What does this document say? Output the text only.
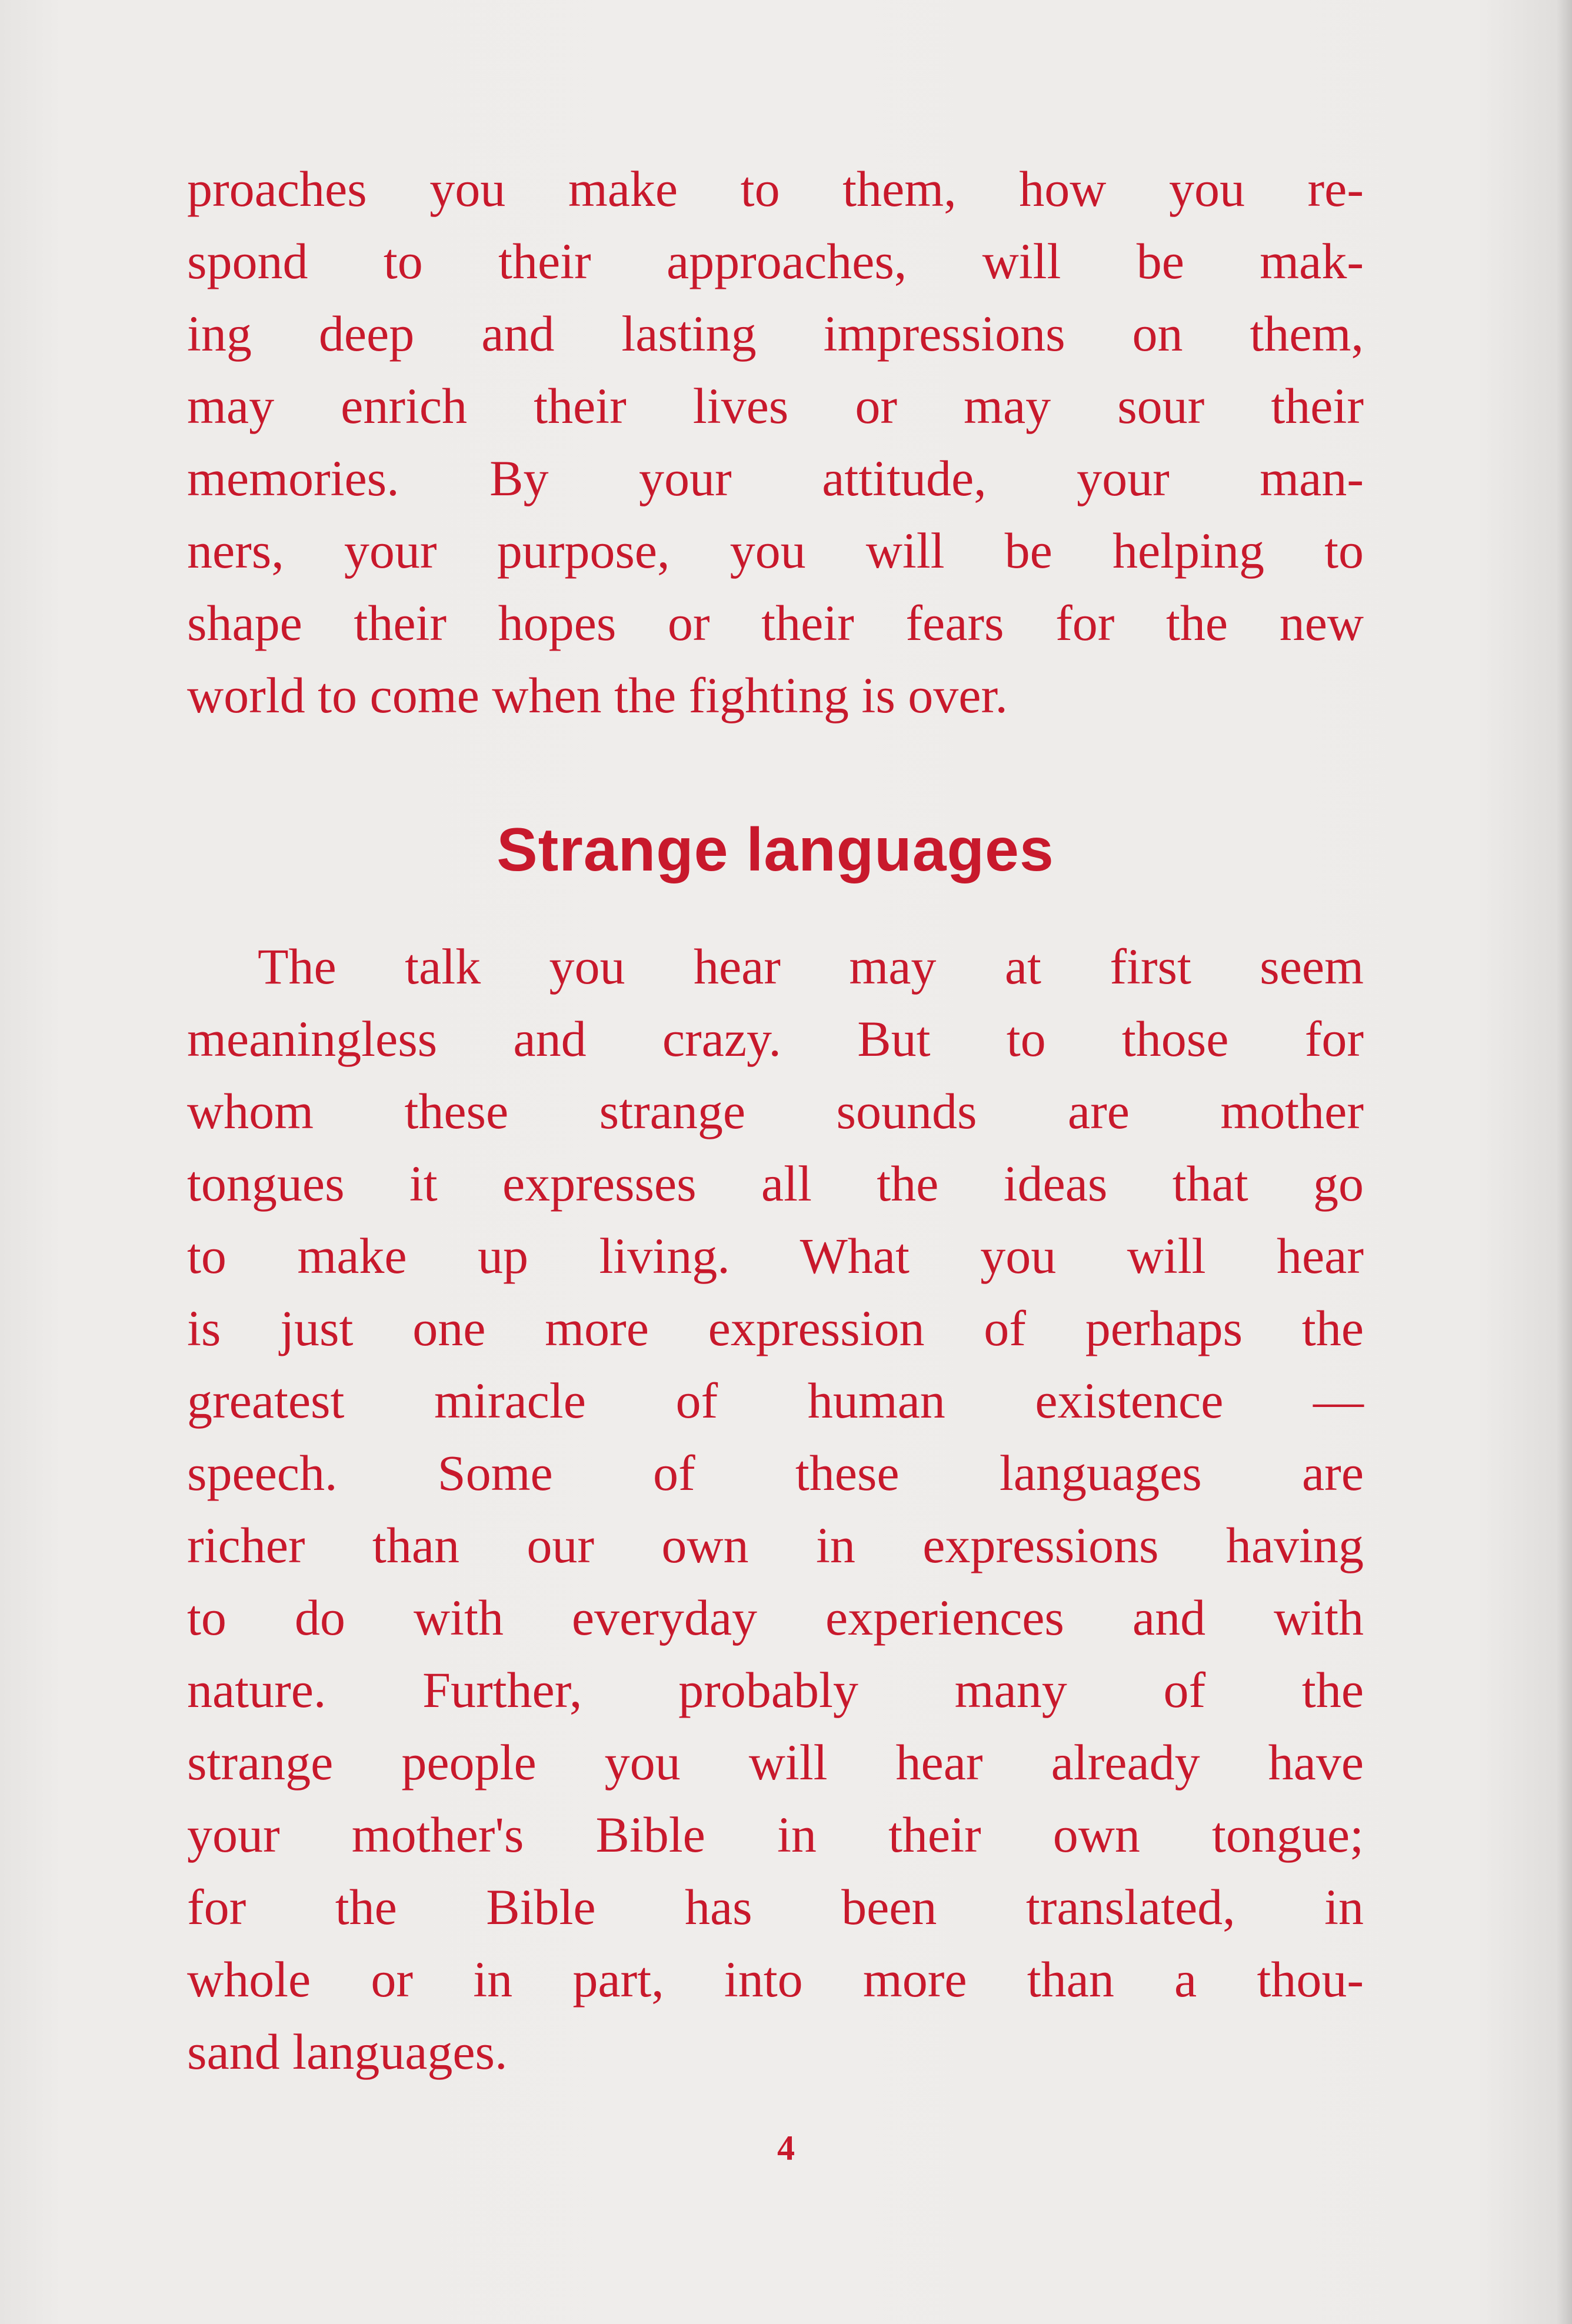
proaches you make to them, how you re-
spond to their approaches, will be mak-
ing deep and lasting impressions on them,
may enrich their lives or may sour their
memories. By your attitude, your man-
ners, your purpose, you will be helping to
shape their hopes or their fears for the new
world to come when the fighting is over.

Strange languages

The talk you hear may at first seem
meaningless and crazy. But to those for
whom these strange sounds are mother
tongues it expresses all the ideas that go
to make up living. What you will hear
is just one more expression of perhaps the
greatest miracle of human existence —
speech. Some of these languages are
richer than our own in expressions having
to do with everyday experiences and with
nature. Further, probably many of the
strange people you will hear already have
your mother's Bible in their own tongue;
for the Bible has been translated, in
whole or in part, into more than a thou-
sand languages.

4
